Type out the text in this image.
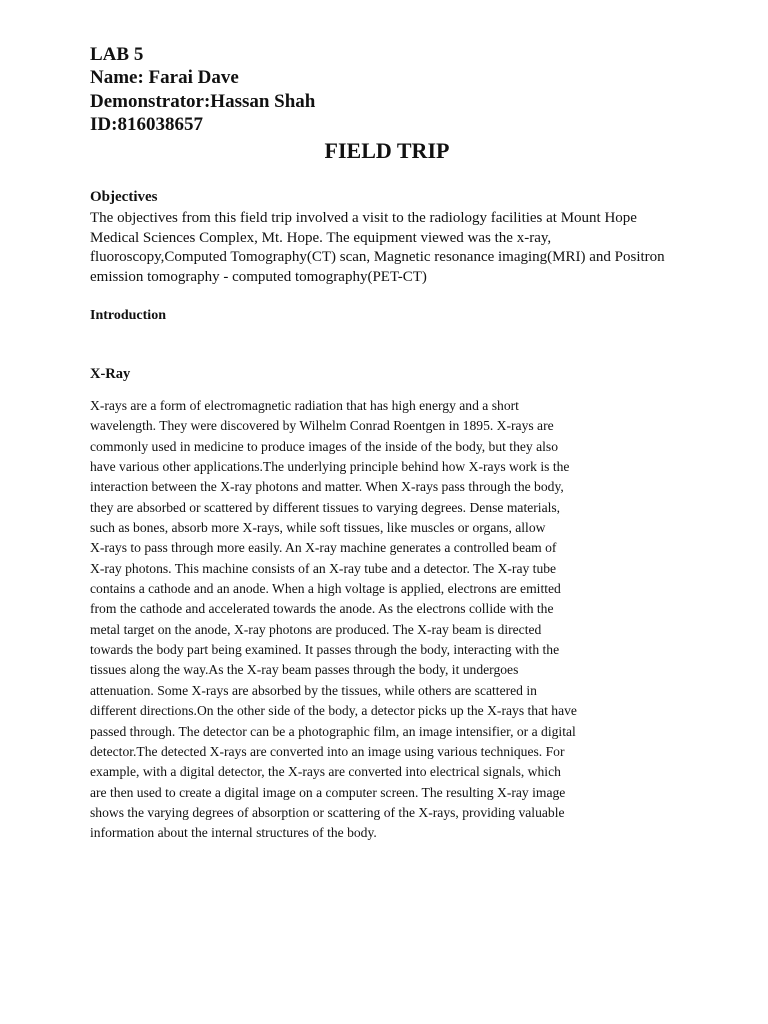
LAB 5
Name: Farai Dave
Demonstrator:Hassan Shah
ID:816038657
FIELD TRIP
Objectives
The objectives from this field trip involved a visit to the radiology facilities at Mount Hope
Medical Sciences Complex, Mt. Hope. The equipment viewed was the x-ray,
fluoroscopy,Computed Tomography(CT) scan, Magnetic resonance imaging(MRI) and Positron
emission tomography - computed tomography(PET-CT)
Introduction
X-Ray
X-rays are a form of electromagnetic radiation that has high energy and a short
wavelength. They were discovered by Wilhelm Conrad Roentgen in 1895. X-rays are
commonly used in medicine to produce images of the inside of the body, but they also
have various other applications.The underlying principle behind how X-rays work is the
interaction between the X-ray photons and matter. When X-rays pass through the body,
they are absorbed or scattered by different tissues to varying degrees. Dense materials,
such as bones, absorb more X-rays, while soft tissues, like muscles or organs, allow
X-rays to pass through more easily. An X-ray machine generates a controlled beam of
X-ray photons. This machine consists of an X-ray tube and a detector. The X-ray tube
contains a cathode and an anode. When a high voltage is applied, electrons are emitted
from the cathode and accelerated towards the anode. As the electrons collide with the
metal target on the anode, X-ray photons are produced. The X-ray beam is directed
towards the body part being examined. It passes through the body, interacting with the
tissues along the way.As the X-ray beam passes through the body, it undergoes
attenuation. Some X-rays are absorbed by the tissues, while others are scattered in
different directions.On the other side of the body, a detector picks up the X-rays that have
passed through. The detector can be a photographic film, an image intensifier, or a digital
detector.The detected X-rays are converted into an image using various techniques. For
example, with a digital detector, the X-rays are converted into electrical signals, which
are then used to create a digital image on a computer screen. The resulting X-ray image
shows the varying degrees of absorption or scattering of the X-rays, providing valuable
information about the internal structures of the body.
